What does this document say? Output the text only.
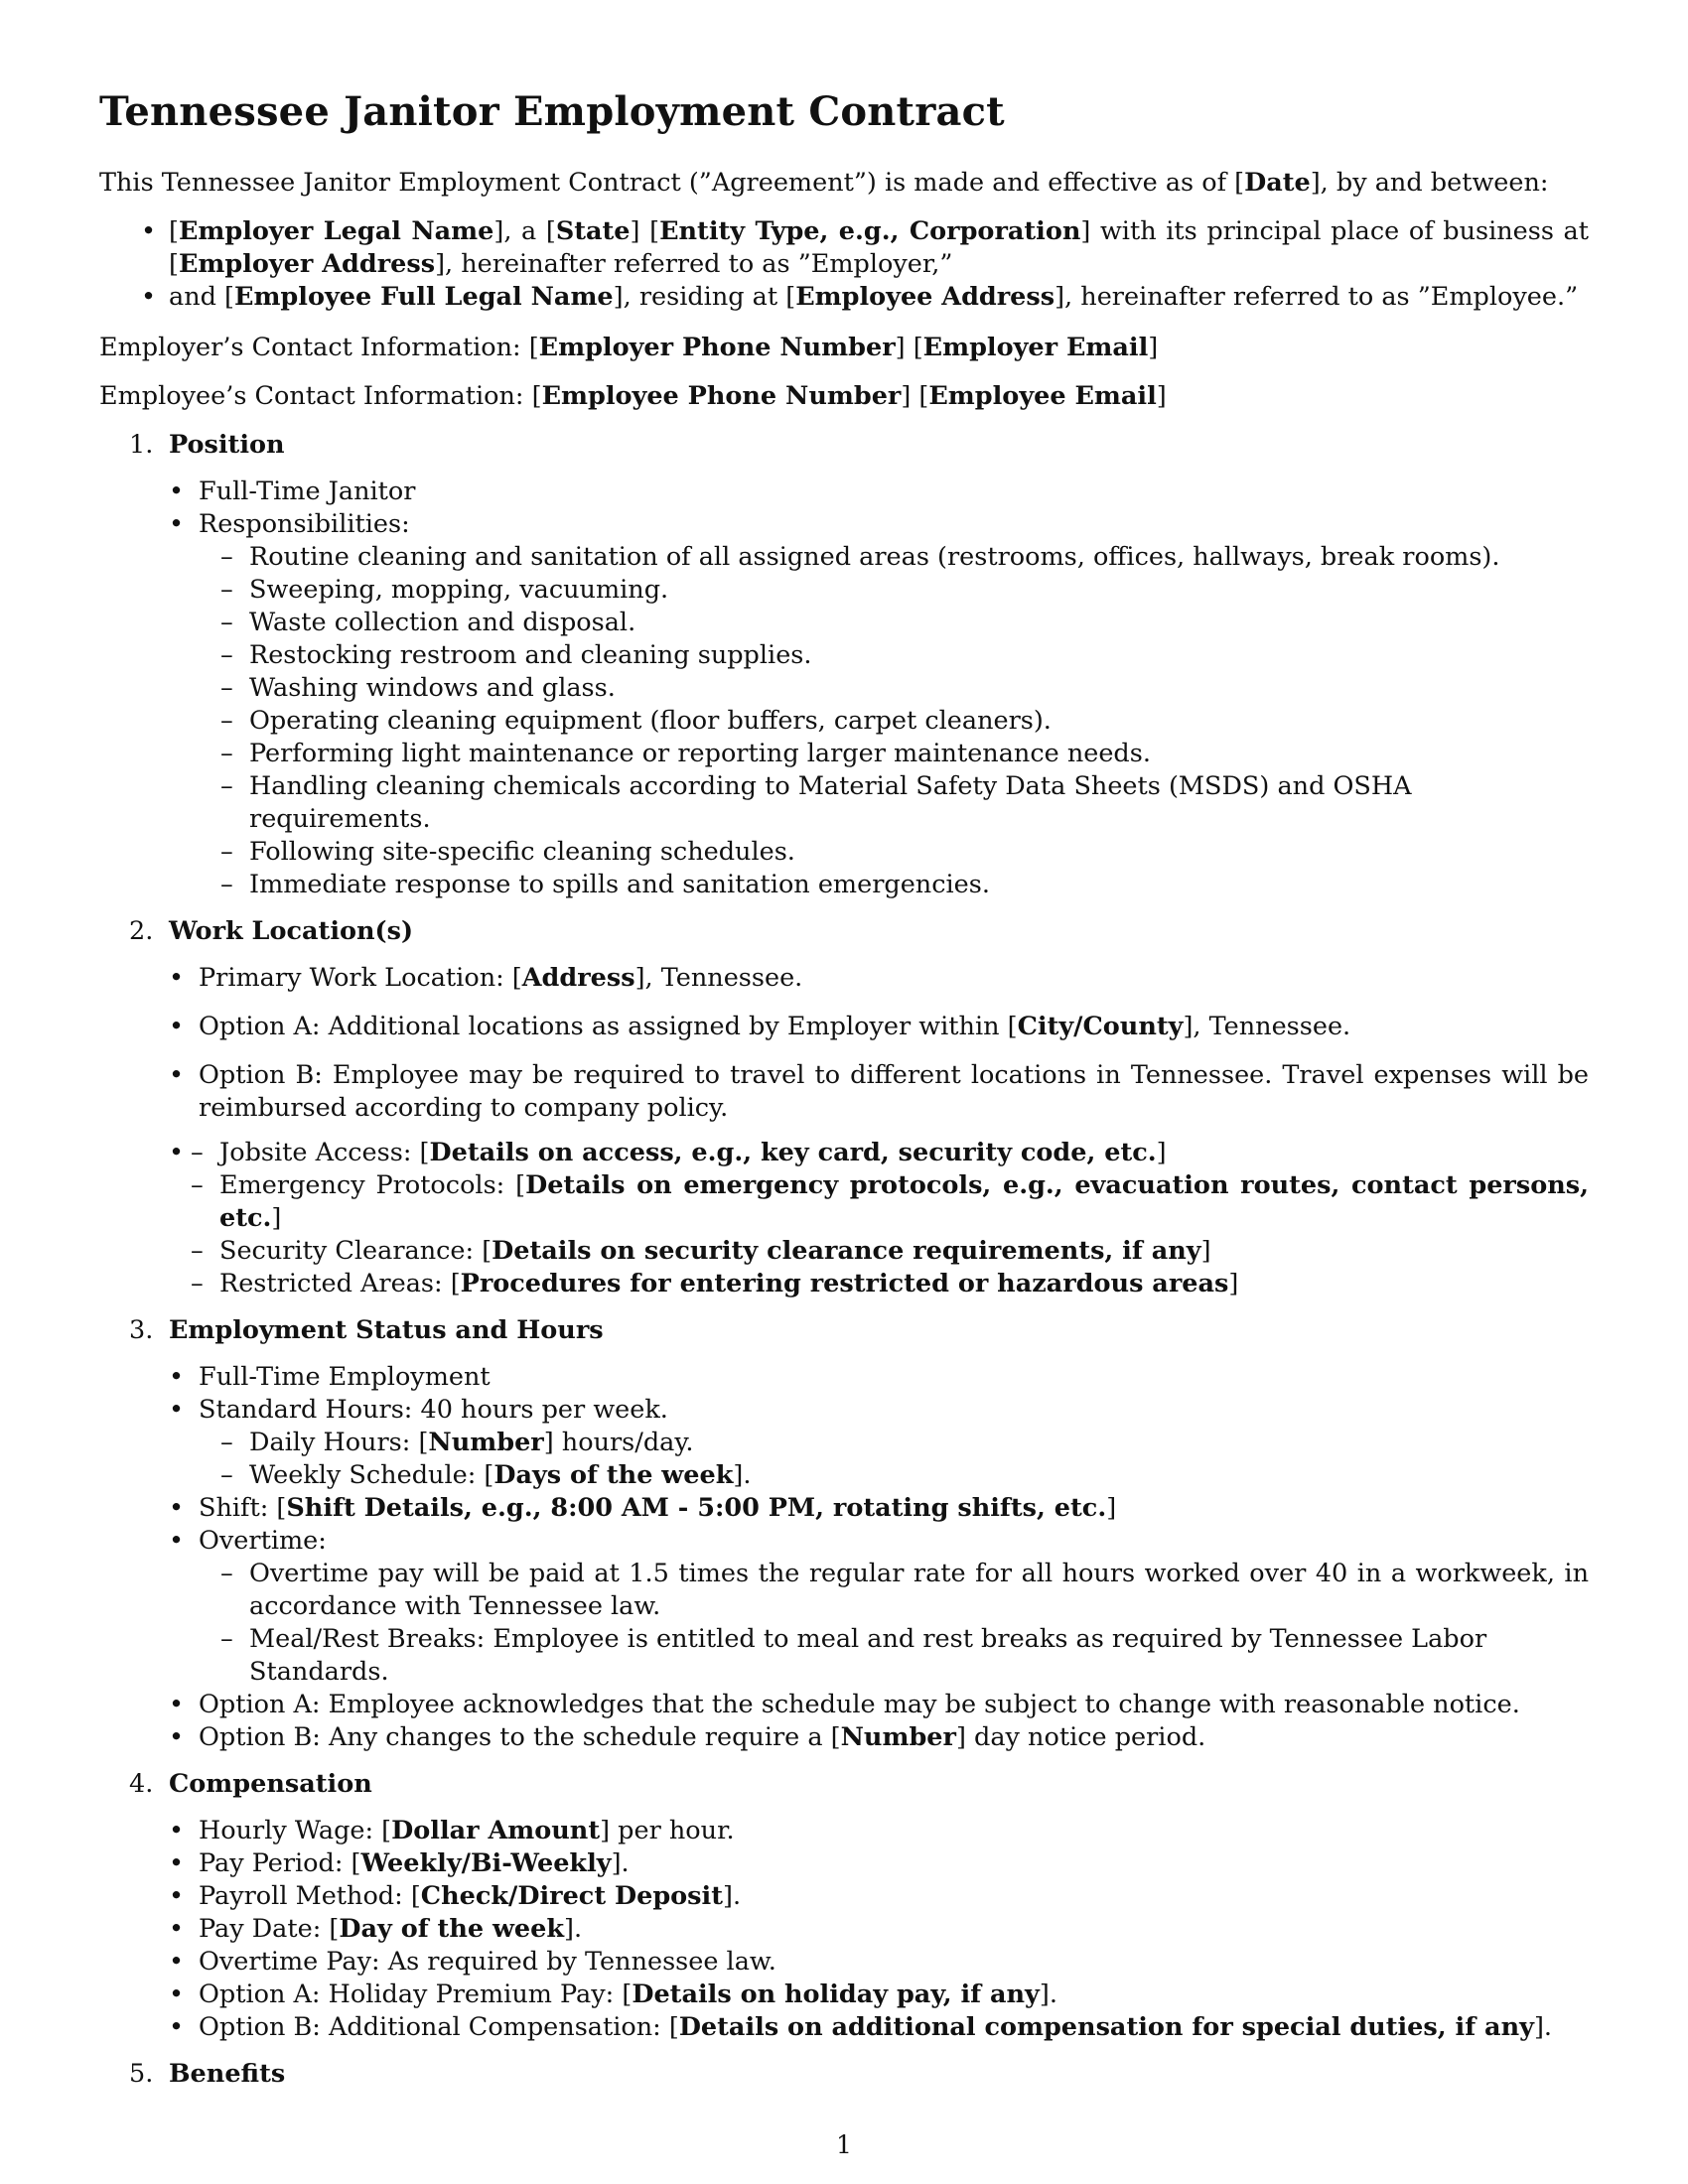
Tennessee Janitor Employment Contract

This Tennessee Janitor Employment Contract (”Agreement”) is made and effective as of [Date], by and between:

• [Employer Legal Name], a [State] [Entity Type, e.g., Corporation] with its principal place of business at [Employer Address], hereinafter referred to as ”Employer,”
• and [Employee Full Legal Name], residing at [Employee Address], hereinafter referred to as ”Employee.”

Employer’s Contact Information: [Employer Phone Number] [Employer Email]

Employee’s Contact Information: [Employee Phone Number] [Employee Email]

1. Position
• Full-Time Janitor
• Responsibilities:
– Routine cleaning and sanitation of all assigned areas (restrooms, offices, hallways, break rooms).
– Sweeping, mopping, vacuuming.
– Waste collection and disposal.
– Restocking restroom and cleaning supplies.
– Washing windows and glass.
– Operating cleaning equipment (floor buffers, carpet cleaners).
– Performing light maintenance or reporting larger maintenance needs.
– Handling cleaning chemicals according to Material Safety Data Sheets (MSDS) and OSHA requirements.
– Following site-specific cleaning schedules.
– Immediate response to spills and sanitation emergencies.
2. Work Location(s)
• Primary Work Location: [Address], Tennessee.
• Option A: Additional locations as assigned by Employer within [City/County], Tennessee.
• Option B: Employee may be required to travel to different locations in Tennessee. Travel expenses will be reimbursed according to company policy.
– • Jobsite Access: [Details on access, e.g., key card, security code, etc.]
– Emergency Protocols: [Details on emergency protocols, e.g., evacuation routes, contact persons, etc.]
– Security Clearance: [Details on security clearance requirements, if any]
– Restricted Areas: [Procedures for entering restricted or hazardous areas]
3. Employment Status and Hours
• Full-Time Employment
• Standard Hours: 40 hours per week.
– Daily Hours: [Number] hours/day.
– Weekly Schedule: [Days of the week].
• Shift: [Shift Details, e.g., 8:00 AM - 5:00 PM, rotating shifts, etc.]
• Overtime:
– Overtime pay will be paid at 1.5 times the regular rate for all hours worked over 40 in a workweek, in accordance with Tennessee law.
– Meal/Rest Breaks: Employee is entitled to meal and rest breaks as required by Tennessee Labor Standards.
• Option A: Employee acknowledges that the schedule may be subject to change with reasonable notice.
• Option B: Any changes to the schedule require a [Number] day notice period.
4. Compensation
• Hourly Wage: [Dollar Amount] per hour.
• Pay Period: [Weekly/Bi-Weekly].
• Payroll Method: [Check/Direct Deposit].
• Pay Date: [Day of the week].
• Overtime Pay: As required by Tennessee law.
• Option A: Holiday Premium Pay: [Details on holiday pay, if any].
• Option B: Additional Compensation: [Details on additional compensation for special duties, if any].
5. Benefits
1
